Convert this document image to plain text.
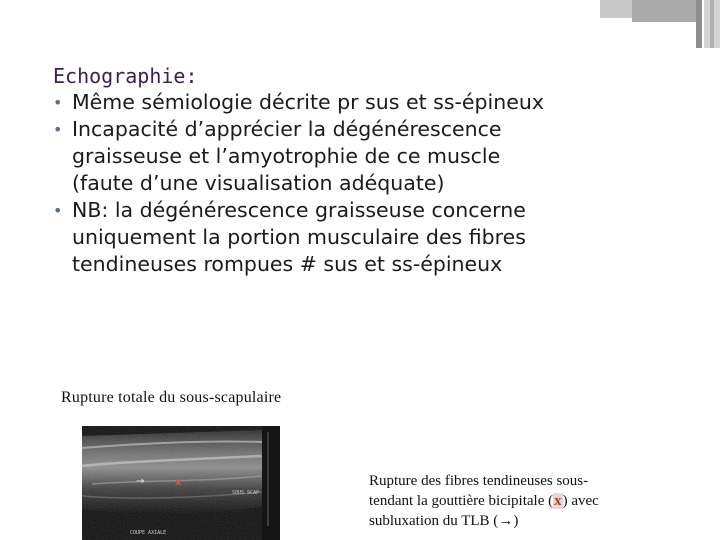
Echographie:
• Même sémiologie décrite pr sus et ss-épineux
• Incapacité d’apprécier la dégénérescence
graisseuse et l’amyotrophie de ce muscle
(faute d’une visualisation adéquate)
• NB: la dégénérescence graisseuse concerne
uniquement la portion musculaire des fibres
tendineuses rompues # sus et ss-épineux
Rupture totale du sous-scapulaire
→	x
SOUS SCAP
COUPE AXIALE
Rupture des fibres tendineuses sous-
tendant la gouttière bicipitale (x) avec
subluxation du TLB (→)
